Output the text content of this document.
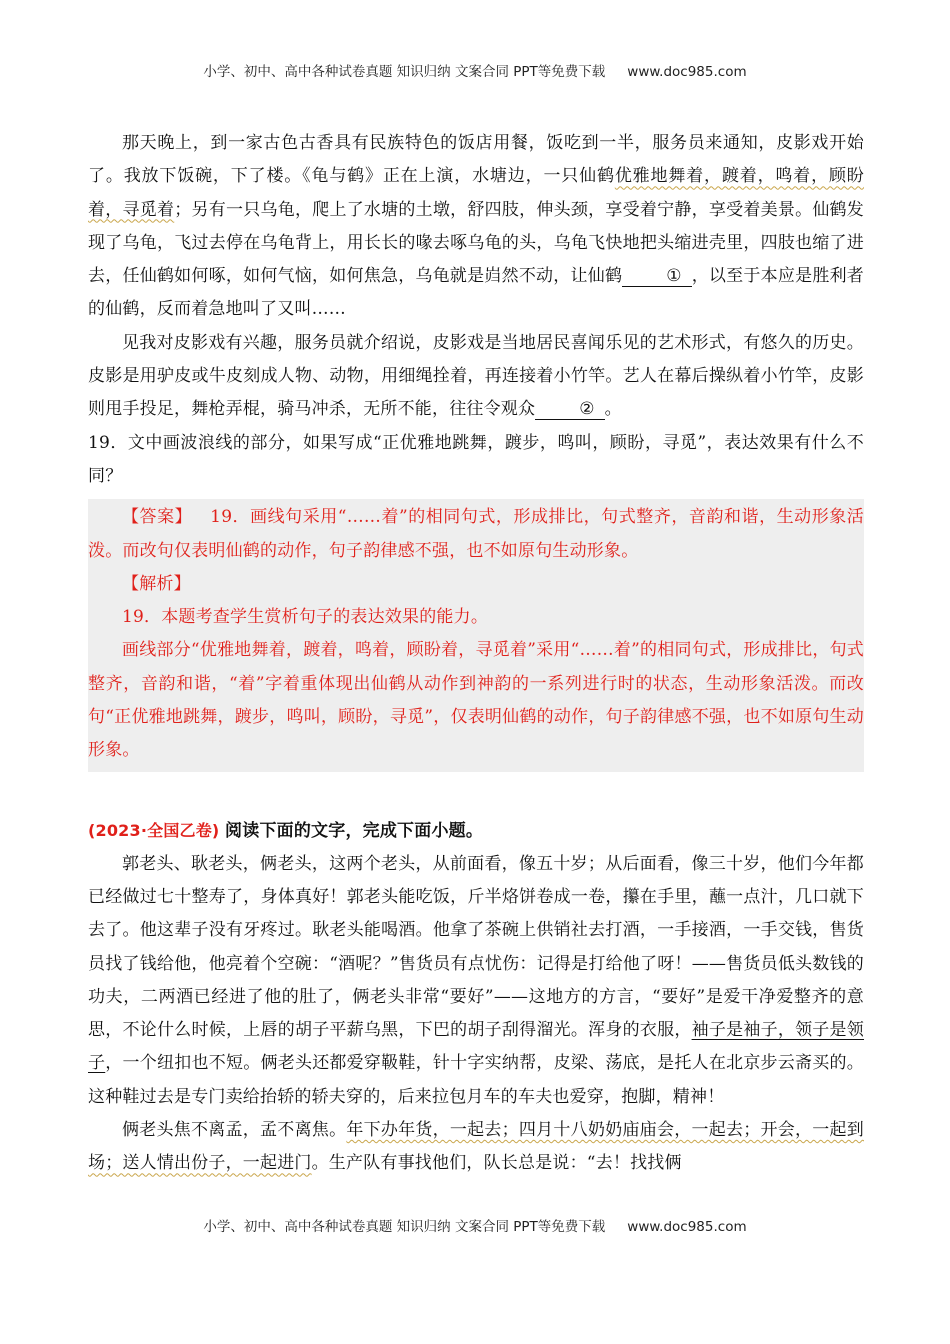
小学、初中、高中各种试卷真题 知识归纳 文案合同 PPT等免费下载 www.doc985.com

那天晚上，到一家古色古香具有民族特色的饭店用餐，饭吃到一半，服务员来通知，皮影戏开始了。我放下饭碗，下了楼。《龟与鹤》正在上演，水塘边，一只仙鹤优雅地舞着，踱着，鸣着，顾盼着，寻觅着；另有一只乌龟，爬上了水塘的土墩，舒四肢，伸头颈，享受着宁静，享受着美景。仙鹤发现了乌龟，飞过去停在乌龟背上，用长长的喙去啄乌龟的头，乌龟飞快地把头缩进壳里，四肢也缩了进去，任仙鹤如何啄，如何气恼，如何焦急，乌龟就是岿然不动，让仙鹤	① ，以至于本应是胜利者的仙鹤，反而着急地叫了又叫……

见我对皮影戏有兴趣，服务员就介绍说，皮影戏是当地居民喜闻乐见的艺术形式，有悠久的历史。皮影是用驴皮或牛皮刻成人物、动物，用细绳拴着，再连接着小竹竿。艺人在幕后操纵着小竹竿，皮影则甩手投足，舞枪弄棍，骑马冲杀，无所不能，往往令观众	② 。

19．文中画波浪线的部分，如果写成“正优雅地跳舞，踱步，鸣叫，顾盼，寻觅”，表达效果有什么不同？

【答案】 19．画线句采用“……着”的相同句式，形成排比，句式整齐，音韵和谐，生动形象活泼。而改句仅表明仙鹤的动作，句子韵律感不强，也不如原句生动形象。

【解析】

19．本题考查学生赏析句子的表达效果的能力。

画线部分“优雅地舞着，踱着，鸣着，顾盼着，寻觅着”采用“……着”的相同句式，形成排比，句式整齐，音韵和谐，“着”字着重体现出仙鹤从动作到神韵的一系列进行时的状态，生动形象活泼。而改句“正优雅地跳舞，踱步，鸣叫，顾盼，寻觅”，仅表明仙鹤的动作，句子韵律感不强，也不如原句生动形象。

(2023·全国乙卷) 阅读下面的文字，完成下面小题。

郭老头、耿老头，俩老头，这两个老头，从前面看，像五十岁；从后面看，像三十岁，他们今年都已经做过七十整寿了，身体真好！郭老头能吃饭，斤半烙饼卷成一卷，攥在手里，蘸一点汁，几口就下去了。他这辈子没有牙疼过。耿老头能喝酒。他拿了茶碗上供销社去打酒，一手接酒，一手交钱，售货员找了钱给他，他亮着个空碗：“酒呢？”售货员有点忧伤：记得是打给他了呀！——售货员低头数钱的功夫，二两酒已经进了他的肚了，俩老头非常“要好”——这地方的方言，“要好”是爱干净爱整齐的意思，不论什么时候，上唇的胡子平薪乌黑，下巴的胡子刮得溜光。浑身的衣服，袖子是袖子，领子是领子，一个纽扣也不短。俩老头还都爱穿靸鞋，针十字实纳帮，皮梁、荡底，是托人在北京步云斋买的。这种鞋过去是专门卖给抬轿的轿夫穿的，后来拉包月车的车夫也爱穿，抱脚，精神！

俩老头焦不离孟，孟不离焦。年下办年货，一起去；四月十八奶奶庙庙会，一起去；开会，一起到场；送人情出份子，一起进门。生产队有事找他们，队长总是说：“去！找找俩

小学、初中、高中各种试卷真题 知识归纳 文案合同 PPT等免费下载 www.doc985.com
